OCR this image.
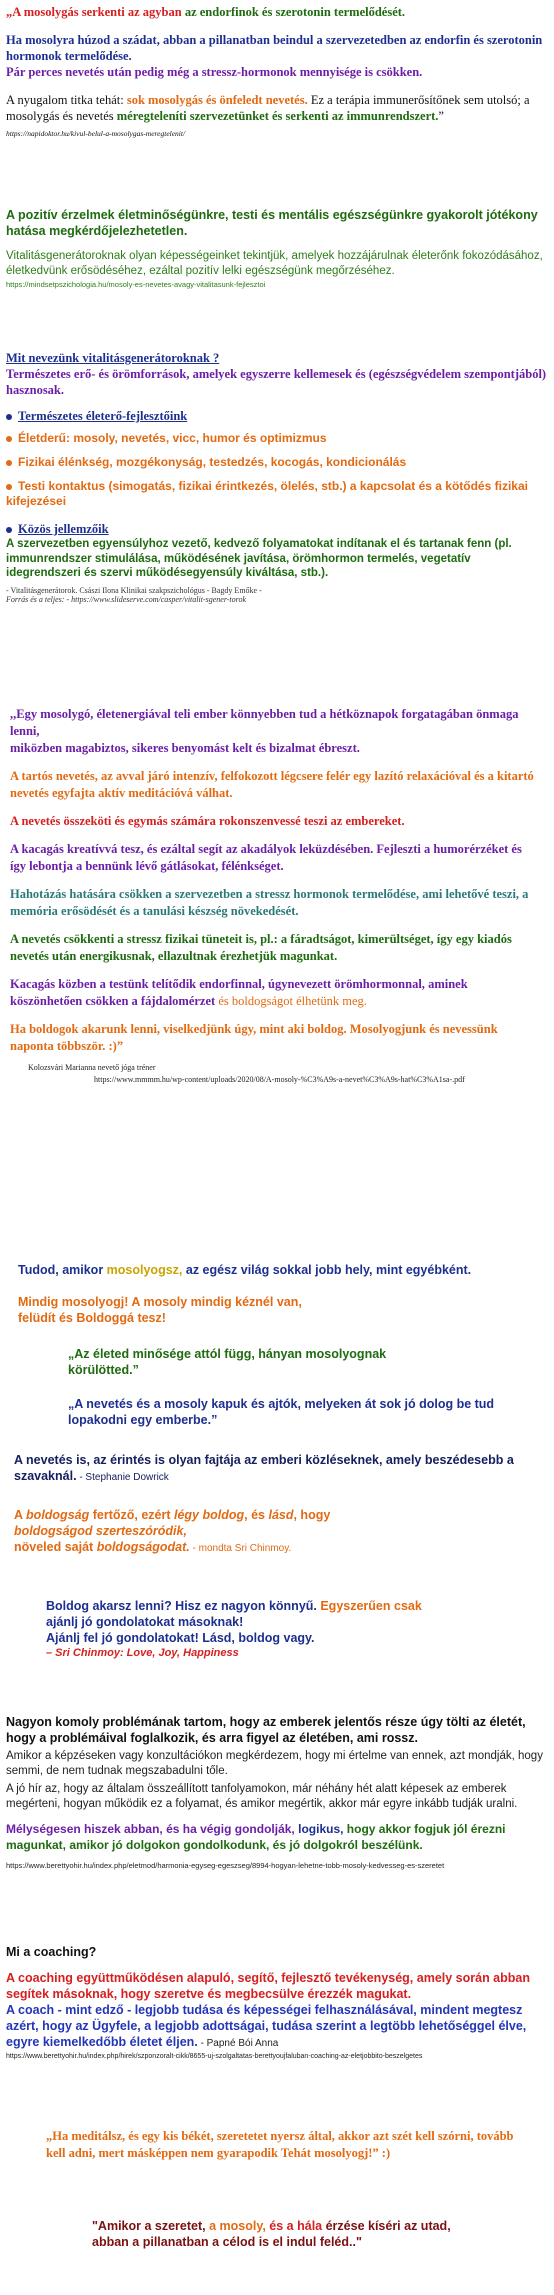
„A mosolygás serkenti az agyban az endorfinok és szerotonin termelődését.

Ha mosolyra húzod a szádat, abban a pillanatban beindul a szervezetedben az endorfin és szerotonin hormonok termelődése.

Pár perces nevetés után pedig még a stressz-hormonok mennyisége is csökken.

A nyugalom titka tehát: sok mosolygás és önfeledt nevetés. Ez a terápia immunerősítőnek sem utolsó; a mosolygás és nevetés méregteleníti szervezetünket és serkenti az immunrendszert.”

https://napidoktor.hu/kivul-belul-a-mosolygas-meregtelenit/

A pozitív érzelmek életminőségünkre, testi és mentális egészségünkre gyakorolt jótékony hatása megkérdőjelezhetetlen.

Vitalitásgenerátoroknak olyan képességeinket tekintjük, amelyek hozzájárulnak életerőnk fokozódásához, életkedvünk erősödéséhez, ezáltal pozitív lelki egészségünk megőrzéséhez.

https://mindsetpszichologia.hu/mosoly-es-nevetes-avagy-vitalitasunk-fejlesztoi

Mit nevezünk vitalitásgenerátoroknak ?

Természetes erő- és örömforrások, amelyek egyszerre kellemesek és (egészségvédelem szempontjából) hasznosak.

Természetes életerő-fejlesztőink

Életderű: mosoly, nevetés, vicc, humor és optimizmus

Fizikai élénkség, mozgékonyság, testedzés, kocogás, kondicionálás

Testi kontaktus (simogatás, fizikai érintkezés, ölelés, stb.) a kapcsolat és a kötődés fizikai kifejezései

Közös jellemzőik

A szervezetben egyensúlyhoz vezető, kedvező folyamatokat indítanak el és tartanak fenn (pl. immunrendszer stimulálása, működésének javítása, örömhormon termelés, vegetatív idegrendszeri és szervi működésegyensúly kiváltása, stb.).

- Vitalitásgenerátorok. Császi Ilona Klinikai szakpszichológus - Bagdy Emőke -

Forrás és a teljes: - https://www.slideserve.com/casper/vitalit-sgener-torok

,,Egy mosolygó, életenergiával teli ember könnyebben tud a hétköznapok forgatagában önmaga lenni,
miközben magabiztos, sikeres benyomást kelt és bizalmat ébreszt.

A tartós nevetés, az avval járó intenzív, felfokozott légcsere felér egy lazító relaxációval és a kitartó nevetés egyfajta aktív meditációvá válhat.

A nevetés összeköti és egymás számára rokonszenvessé teszi az embereket.

A kacagás kreatívvá tesz, és ezáltal segít az akadályok leküzdésében. Fejleszti a humorérzéket és így lebontja a bennünk lévő gátlásokat, félénkséget.

Hahotázás hatására csökken a szervezetben a stressz hormonok termelődése, ami lehetővé teszi, a memória erősödését és a tanulási készség növekedését.

A nevetés csökkenti a stressz fizikai tüneteit is, pl.: a fáradtságot, kimerültséget, így egy kiadós nevetés után energikusnak, ellazultnak érezhetjük magunkat.

Kacagás közben a testünk telítődik endorfinnal, úgynevezett örömhormonnal, aminek köszönhetően csökken a fájdalomérzet és boldogságot élhetünk meg.

Ha boldogok akarunk lenni, viselkedjünk úgy, mint aki boldog. Mosolyogjunk és nevessünk naponta többször. :)”

Kolozsvári Marianna nevető jóga tréner

https://www.mmmm.hu/wp-content/uploads/2020/08/A-mosoly-%C3%A9s-a-nevet%C3%A9s-hat%C3%A1sa-.pdf

Tudod, amikor mosolyogsz, az egész világ sokkal jobb hely, mint egyébként.

Mindig mosolyogj! A mosoly mindig kéznél van, felüdít és Boldoggá tesz!

„Az életed minősége attól függ, hányan mosolyognak körülötted.”

„A nevetés és a mosoly kapuk és ajtók, melyeken át sok jó dolog be tud lopakodni egy emberbe.”

A nevetés is, az érintés is olyan fajtája az emberi közléseknek, amely beszédesebb a szavaknál. - Stephanie Dowrick

A boldogság fertőző, ezért légy boldog, és lásd, hogy
boldogságod szerteszóródik,
növeled saját boldogságodat. - mondta Sri Chinmoy.

Boldog akarsz lenni? Hisz ez nagyon könnyű. Egyszerűen csak

ajánlj jó gondolatokat másoknak!

Ajánlj fel jó gondolatokat! Lásd, boldog vagy.

– Sri Chinmoy: Love, Joy, Happiness

Nagyon komoly problémának tartom, hogy az emberek jelentős része úgy tölti az életét, hogy a problémáival foglalkozik, és arra figyel az életében, ami rossz.

Amikor a képzéseken vagy konzultációkon megkérdezem, hogy mi értelme van ennek, azt mondják, hogy semmi, de nem tudnak megszabadulni tőle.

A jó hír az, hogy az általam összeállított tanfolyamokon, már néhány hét alatt képesek az emberek megérteni, hogyan működik ez a folyamat, és amikor megértik, akkor már egyre inkább tudják uralni.

Mélységesen hiszek abban, és ha végig gondolják, logikus, hogy akkor fogjuk jól érezni magunkat, amikor jó dolgokon gondolkodunk, és jó dolgokról beszélünk.

https://www.berettyohir.hu/index.php/eletmod/harmonia-egyseg-egeszseg/8994-hogyan-lehetne-tobb-mosoly-kedvesseg-es-szeretet

Mi a coaching?

A coaching együttműködésen alapuló, segítő, fejlesztő tevékenység, amely során abban segítek másoknak, hogy szeretve és megbecsülve érezzék magukat.

A coach - mint edző - legjobb tudása és képességei felhasználásával, mindent megtesz azért, hogy az Ügyfele, a legjobb adottságai, tudása szerint a legtöbb lehetőséggel élve, egyre kiemelkedőbb életet éljen. - Papné Bói Anna

https://www.berettyohir.hu/index.php/hirek/szponzoralt-cikk/8655-uj-szolgaltatas-berettyoujfaluban-coaching-az-eletjobbito-beszelgetes

„Ha meditálsz, és egy kis békét, szeretetet nyersz által, akkor azt szét kell szórni, tovább kell adni, mert másképpen nem gyarapodik Tehát mosolyogj!” :)

"Amikor a szeretet, a mosoly, és a hála érzése kíséri az utad,
abban a pillanatban a célod is el indul feléd.."
